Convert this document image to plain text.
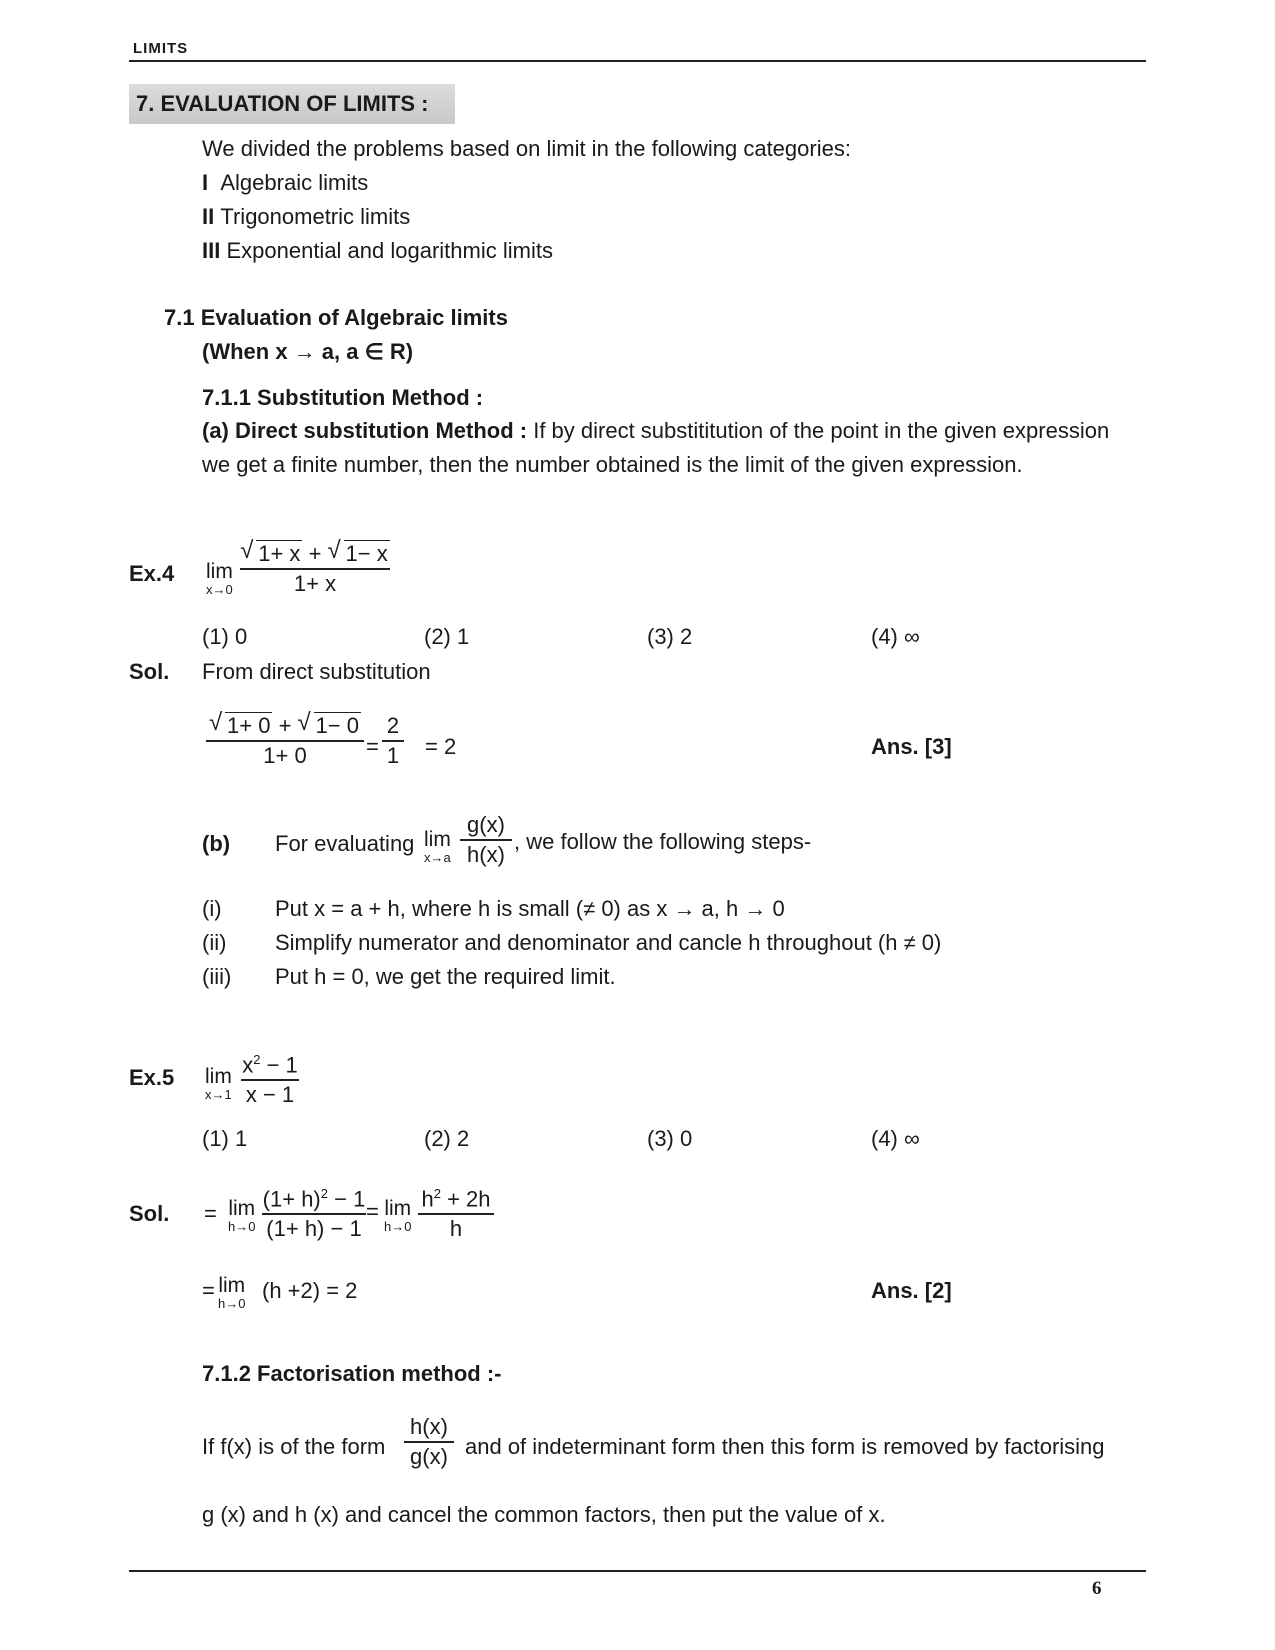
LIMITS
7. EVALUATION OF LIMITS :
We divided the problems based on limit in the following categories:
I Algebraic limits
II Trigonometric limits
III Exponential and logarithmic limits
7.1 Evaluation of Algebraic limits
(When x → a, a ∈ R)
7.1.1 Substitution Method :
(a) Direct substitution Method : If by direct substititution of the point in the given expression
we get a finite number, then the number obtained is the limit of the given expression.
Ex.4 lim
x→0
√ 1+ x + √ 1− x
1+ x
(1) 0	(2) 1	(3) 2	(4) ∞
Sol. From direct substitution
√ 1+ 0 + √ 1− 0
1+ 0	=
2
1 = 2	Ans. [3]
(b) For evaluating lim
x→a
g(x)
h(x) , we follow the following steps-
(i) Put x = a + h, where h is small (≠ 0) as x → a, h → 0
(ii) Simplify numerator and denominator and cancle h throughout (h ≠ 0)
(iii) Put h = 0, we get the required limit.
Ex.5 lim
x→1
$x^2 - 1$
x − 1
(1) 1	(2) 2	(3) 0	(4) ∞
Sol. = lim
h→0
$(1+ h)^2 - 1$
(1+ h) − 1
= lim
h→0
$h^2 + 2h$
h
= lim
h→0
(h +2) = 2	Ans. [2]
7.1.2 Factorisation method :-
If f(x) is of the form
h(x)
g(x) and of indeterminant form then this form is removed by factorising
g (x) and h (x) and cancel the common factors, then put the value of x.
6
